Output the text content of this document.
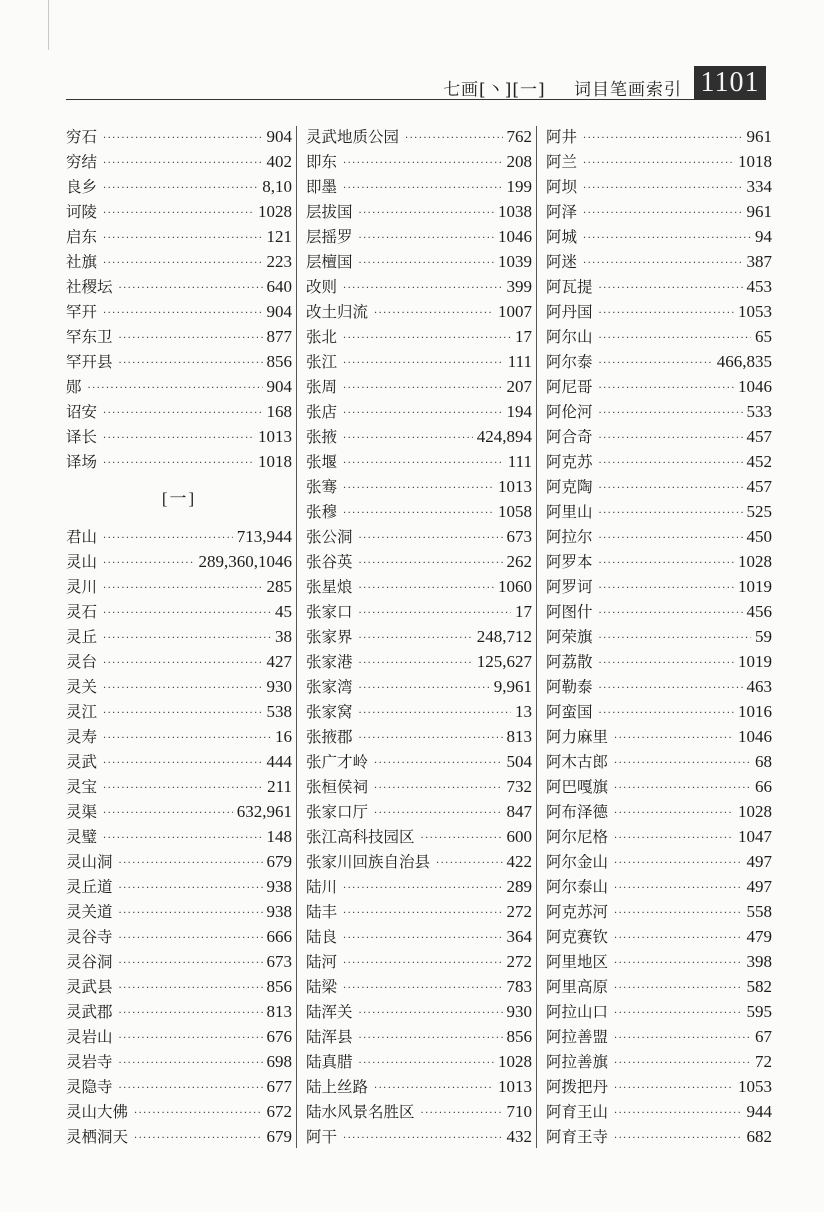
七画[丶][一] 词目笔画索引 1101
穷石 ·····	904
穷结 ·····	402
良乡 ·····	8,10
诃陵 ·····	1028
启东 ·····	121
社旗 ·····	223
社稷坛 ·····	640
罕幵 ·····	904
罕东卫 ·····	877
罕幵县 ·····	856
郧 ·····	904
诏安 ·····	168
译长 ·····	1013
译场 ·····	1018
[一]
君山 ·····	713,944
灵山 ·····	289,360,1046
灵川 ·····	285
灵石 ·····	45
灵丘 ·····	38
灵台 ·····	427
灵关 ·····	930
灵江 ·····	538
灵寿 ·····	16
灵武 ·····	444
灵宝 ·····	211
灵渠 ·····	632,961
灵璧 ·····	148
灵山洞 ·····	679
灵丘道 ·····	938
灵关道 ·····	938
灵谷寺 ·····	666
灵谷洞 ·····	673
灵武县 ·····	856
灵武郡 ·····	813
灵岩山 ·····	676
灵岩寺 ·····	698
灵隐寺 ·····	677
灵山大佛 ·····	672
灵栖洞天 ·····	679
灵武地质公园 ·····	762
即东 ·····	208
即墨 ·····	199
层拔国 ·····	1038
层摇罗 ·····	1046
层檀国 ·····	1039
改则 ·····	399
改土归流 ·····	1007
张北 ·····	17
张江 ·····	111
张周 ·····	207
张店 ·····	194
张掖 ·····	424,894
张堰 ·····	111
张骞 ·····	1013
张穆 ·····	1058
张公洞 ·····	673
张谷英 ·····	262
张星烺 ·····	1060
张家口 ·····	17
张家界 ·····	248,712
张家港 ·····	125,627
张家湾 ·····	9,961
张家窝 ·····	13
张掖郡 ·····	813
张广才岭 ·····	504
张桓侯祠 ·····	732
张家口厅 ·····	847
张江高科技园区 ·····	600
张家川回族自治县 ·····	422
陆川 ·····	289
陆丰 ·····	272
陆良 ·····	364
陆河 ·····	272
陆梁 ·····	783
陆浑关 ·····	930
陆浑县 ·····	856
陆真腊 ·····	1028
陆上丝路 ·····	1013
陆水风景名胜区 ·····	710
阿干 ·····	432
阿井 ·····	961
阿兰 ·····	1018
阿坝 ·····	334
阿泽 ·····	961
阿城 ·····	94
阿迷 ·····	387
阿瓦提 ·····	453
阿丹国 ·····	1053
阿尔山 ·····	65
阿尔泰 ·····	466,835
阿尼哥 ·····	1046
阿伦河 ·····	533
阿合奇 ·····	457
阿克苏 ·····	452
阿克陶 ·····	457
阿里山 ·····	525
阿拉尔 ·····	450
阿罗本 ·····	1028
阿罗诃 ·····	1019
阿图什 ·····	456
阿荣旗 ·····	59
阿荔散 ·····	1019
阿勒泰 ·····	463
阿蛮国 ·····	1016
阿力麻里 ·····	1046
阿木古郎 ·····	68
阿巴嘎旗 ·····	66
阿布泽德 ·····	1028
阿尔尼格 ·····	1047
阿尔金山 ·····	497
阿尔泰山 ·····	497
阿克苏河 ·····	558
阿克赛钦 ·····	479
阿里地区 ·····	398
阿里高原 ·····	582
阿拉山口 ·····	595
阿拉善盟 ·····	67
阿拉善旗 ·····	72
阿拨把丹 ·····	1053
阿育王山 ·····	944
阿育王寺 ·····	682
